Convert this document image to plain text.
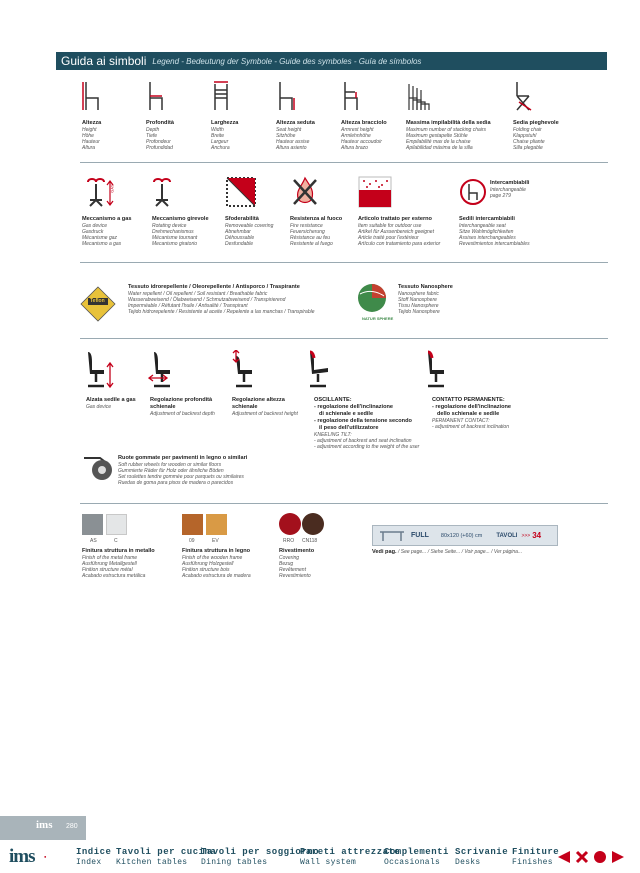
Guida ai simboli Legend - Bedeutung der Symbole - Guide des symboles - Guía de símbolos
Altezza
Height
Höhe
Hauteur
Altura
Profondità
Depth
Tiefe
Profondeur
Profundidad
Larghezza
Width
Breite
Largeur
Anchura
Altezza seduta
Seat height
Sitzhöhe
Hauteur assise
Altura asiento
Altezza bracciolo
Armrest height
Armlehnhöhe
Hauteur accoudoir
Altura brazo
Massima impilabilità della sedia
Maximum number of stacking chairs
Maximum gestapelte Stühle
Empilabilité max de la chaise
Apilabilidad máxima de la silla
Sedia pieghevole
Folding chair
Klappstuhl
Chaise pliante
Silla plegable
GAS
Intercambiabili
Interchangeable
page 279
Meccanismo a gas
Gas device
Gasdruck
Mécanisme gaz
Mecanismo a gas
Meccanismo girevole
Rotating device
Drehmechanismus
Mécanisme tournant
Mecanismo giratorio
Sfoderabilità
Removeable covering
Abnehmbar
Déhoussable
Desfundable
Resistenza al fuoco
Fire resistance
Feuersicherung
Résistance au feu
Resistente al fuego
Articolo trattato per esterno
Item suitable for outdoor use
Artikel für Aussenbereich geeignet
Article traité pour l'extérieur
Artículo con tratamiento para exterior
Sedili intercambiabili
Interchangeable seat
Sitze Wahlmöglichkeiten
Assises interchangeables
Revestimientos intercambiables
Teflon
Tessuto idrorepellente / Oleorepellente / Antisporco / Traspirante
Water repellent / Oil repellent / Soil resistant / Breathable fabric
Wasserabweisend / Ölabweisend / Schmutzabweisend / Transpirierend
Imperméable / Réfutant l'huile / Antisalité / Transpirant
Tejido hidrorepelente / Resistente al aceite / Repelente a las manchas / Transpirable
NATUR SPHERE
Tessuto Nanosphere
Nanosphere fabric
Stoff Nanosphere
Tissu Nanosphere
Tejido Nanosphere
Alzata sedile a gas
Gas device
Regolazione profondità schienale
Adjustment of backrest depth
Regolazione altezza schienale
Adjustment of backrest height
OSCILLANTE:
- regolazione dell'inclinazione
di schienale e sedile
- regolazione della tensione secondo
il peso dell'utilizzatore
KNEELING TILT:
- adjustment of backrest and seat inclination
- adjustment according to the weight of the user
CONTATTO PERMANENTE:
- regolazione dell'inclinazione
dello schienale e sedile
PERMANENT CONTACT:
- adjustment of backrest inclination
Ruote gommate per pavimenti in legno o similari
Soft rubber wheels for wooden or similar floors
Gummierte Räder für Holz oder ähnliche Böden
Set roulettes tendre gommée pour parquets ou similaires
Ruedas de goma para pisos de madera o parecidos
AS	C
Finitura struttura in metallo
Finish of the metal frame
Ausführung Metallgestell
Finition structure métal
Acabado estructura metálica
09	EV
Finitura struttura in legno
Finish of the wooden frame
Ausführung Holzgestell
Finition structure bois
Acabado estructura de madera
RRO CN118
Rivestimento
Covering
Bezug
Revêtement
Revestimiento
FULL 80x120 (+60) cm TAVOLI >>> 34
Vedi pag. / See page... / Siehe Seite... / Voir page... / Ver página...
ims 280
ims ●	Indice
Index
Tavoli per cucina
Kitchen tables
Tavoli per soggiorno
Dining tables
Pareti attrezzate
Wall system
Complementi
Occasionals
Scrivanie
Desks
Finiture
Finishes
